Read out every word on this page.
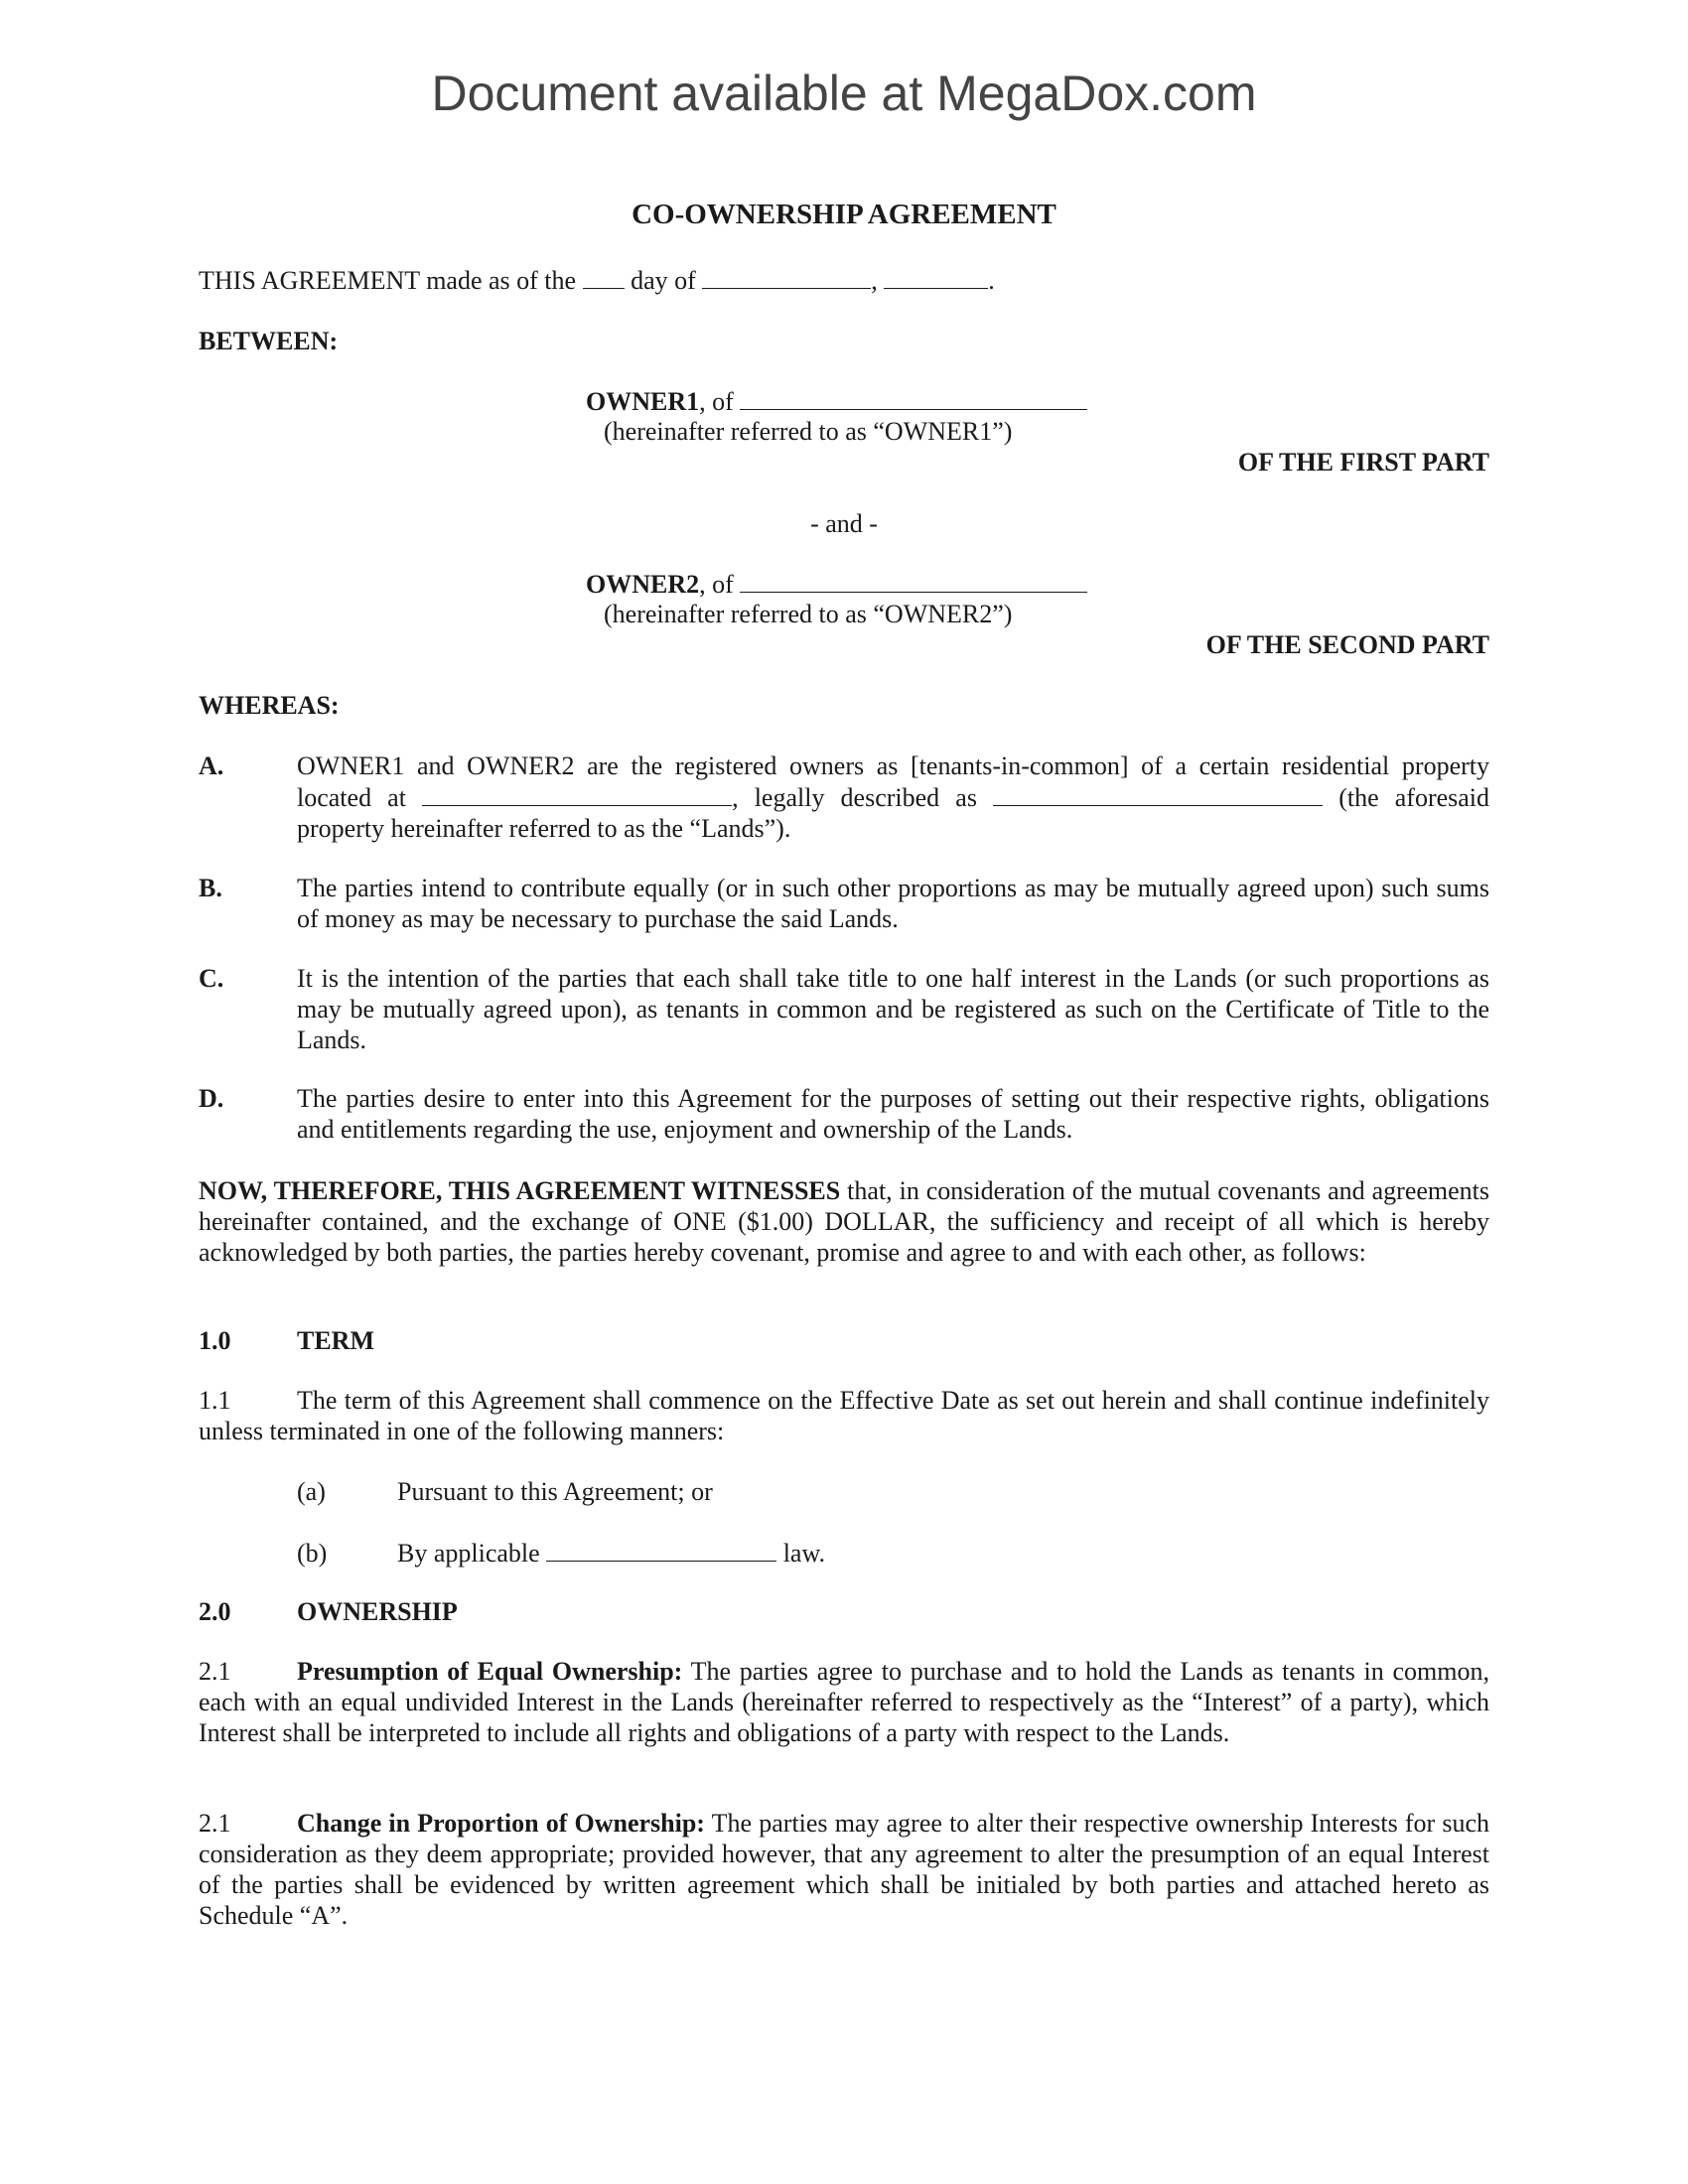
Document available at MegaDox.com
CO-OWNERSHIP AGREEMENT
THIS AGREEMENT made as of the day of	,	.
BETWEEN:
OWNER1, of
(hereinafter referred to as “OWNER1”)
OF THE FIRST PART
- and -
OWNER2, of
(hereinafter referred to as “OWNER2”)
OF THE SECOND PART
WHEREAS:
A.	OWNER1 and OWNER2 are the registered owners as [tenants-in-common] of a certain residential property located at	, legally described as	(the aforesaid property hereinafter referred to as the “Lands”).
B.	The parties intend to contribute equally (or in such other proportions as may be mutually agreed upon) such sums of money as may be necessary to purchase the said Lands.
C.	It is the intention of the parties that each shall take title to one half interest in the Lands (or such proportions as may be mutually agreed upon), as tenants in common and be registered as such on the Certificate of Title to the Lands.
D.	The parties desire to enter into this Agreement for the purposes of setting out their respective rights, obligations and entitlements regarding the use, enjoyment and ownership of the Lands.
NOW, THEREFORE, THIS AGREEMENT WITNESSES that, in consideration of the mutual covenants and agreements hereinafter contained, and the exchange of ONE ($1.00) DOLLAR, the sufficiency and receipt of all which is hereby acknowledged by both parties, the parties hereby covenant, promise and agree to and with each other, as follows:
1.0	TERM
1.1	The term of this Agreement shall commence on the Effective Date as set out herein and shall continue indefinitely unless terminated in one of the following manners:
(a)	Pursuant to this Agreement; or
(b)	By applicable	law.
2.0	OWNERSHIP
2.1	Presumption of Equal Ownership: The parties agree to purchase and to hold the Lands as tenants in common, each with an equal undivided Interest in the Lands (hereinafter referred to respectively as the “Interest” of a party), which Interest shall be interpreted to include all rights and obligations of a party with respect to the Lands.
2.1	Change in Proportion of Ownership: The parties may agree to alter their respective ownership Interests for such consideration as they deem appropriate; provided however, that any agreement to alter the presumption of an equal Interest of the parties shall be evidenced by written agreement which shall be initialed by both parties and attached hereto as Schedule “A”.
